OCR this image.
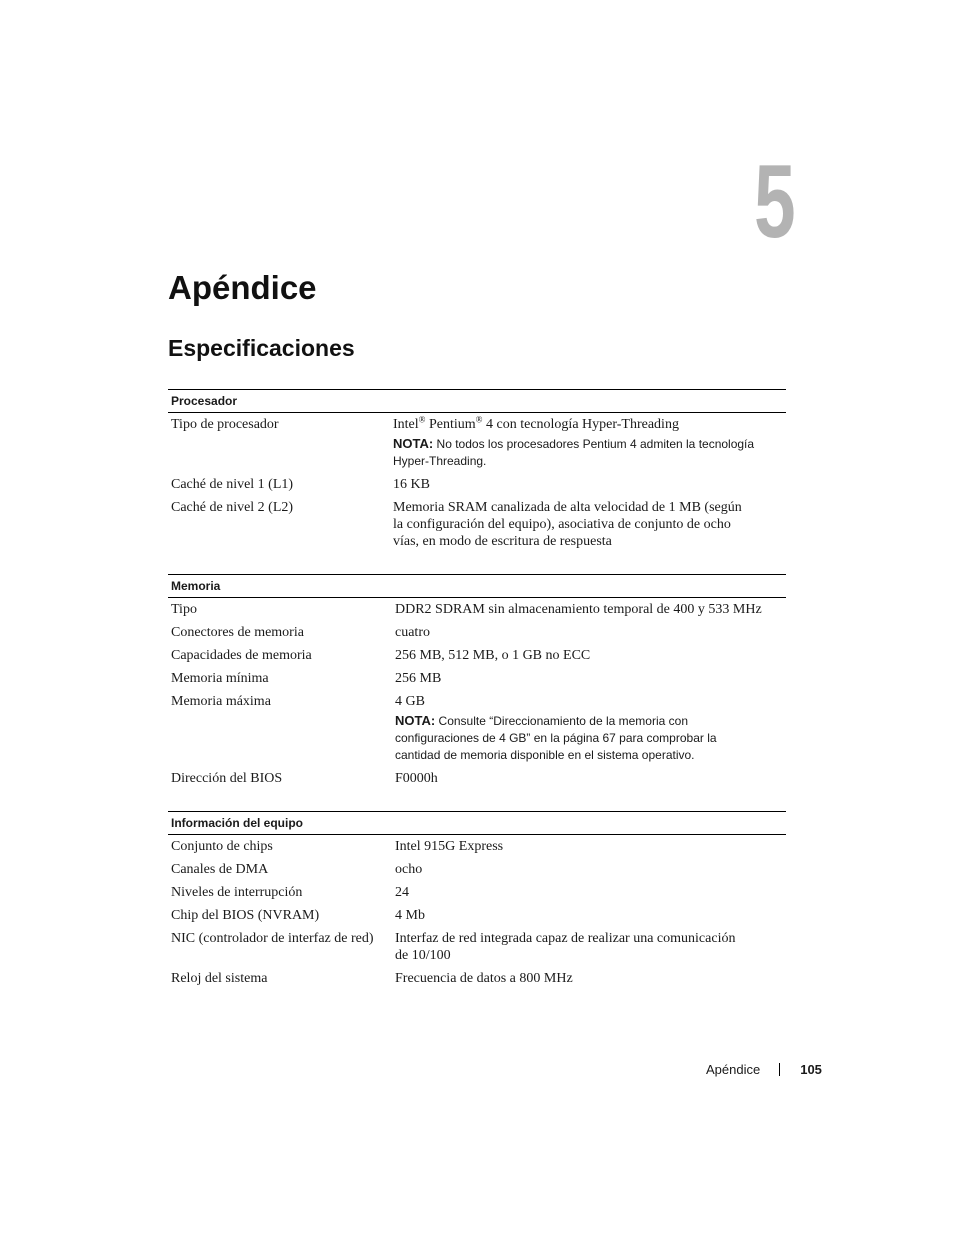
5
Apéndice
Especificaciones
Procesador
Tipo de procesador	Intel® Pentium® 4 con tecnología Hyper-Threading
NOTA: No todos los procesadores Pentium 4 admiten la tecnología Hyper-Threading.
Caché de nivel 1 (L1)	16 KB
Caché de nivel 2 (L2)	Memoria SRAM canalizada de alta velocidad de 1 MB (según la configuración del equipo), asociativa de conjunto de ocho vías, en modo de escritura de respuesta
Memoria
Tipo	DDR2 SDRAM sin almacenamiento temporal de 400 y 533 MHz
Conectores de memoria	cuatro
Capacidades de memoria	256 MB, 512 MB, o 1 GB no ECC
Memoria mínima	256 MB
Memoria máxima	4 GB
NOTA: Consulte “Direccionamiento de la memoria con configuraciones de 4 GB” en la página 67 para comprobar la cantidad de memoria disponible en el sistema operativo.
Dirección del BIOS	F0000h
Información del equipo
Conjunto de chips	Intel 915G Express
Canales de DMA	ocho
Niveles de interrupción	24
Chip del BIOS (NVRAM)	4 Mb
NIC (controlador de interfaz de red)	Interfaz de red integrada capaz de realizar una comunicación de 10/100
Reloj del sistema	Frecuencia de datos a 800 MHz
Apéndice	105
